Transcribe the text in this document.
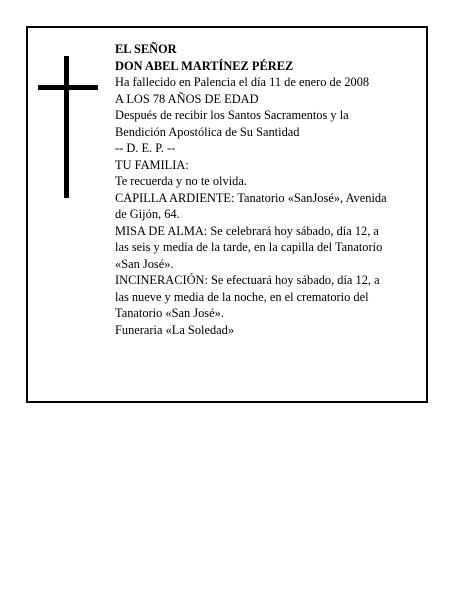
EL SEÑOR
DON ABEL MARTÍNEZ PÉREZ
Ha fallecido en Palencia el día 11 de enero de 2008
A LOS 78 AÑOS DE EDAD
Después de recibir los Santos Sacramentos y la
Bendición Apostólica de Su Santidad
-- D. E. P. --
TU FAMILIA:
Te recuerda y no te olvida.
CAPILLA ARDIENTE: Tanatorio «SanJosé», Avenida
de Gijón, 64.
MISA DE ALMA: Se celebrará hoy sábado, día 12, a
las seis y media de la tarde, en la capilla del Tanatorio
«San José».
INCINERACIÓN: Se efectuará hoy sábado, día 12, a
las nueve y media de la noche, en el crematorio del
Tanatorio «San José».
Funeraria «La Soledad»
